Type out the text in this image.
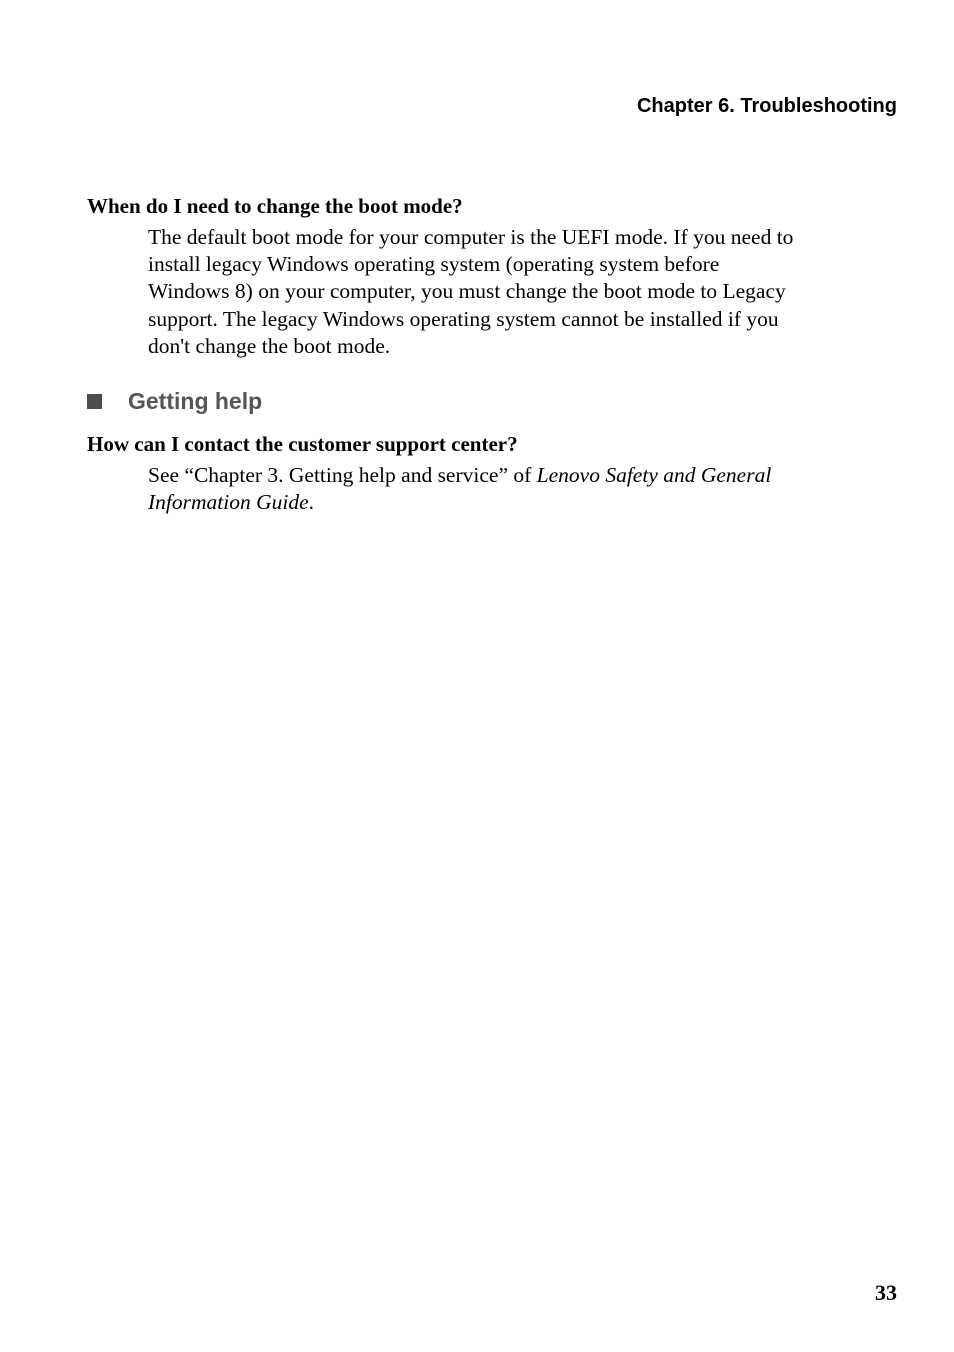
Chapter 6. Troubleshooting
When do I need to change the boot mode?
The default boot mode for your computer is the UEFI mode. If you need to
install legacy Windows operating system (operating system before
Windows 8) on your computer, you must change the boot mode to Legacy
support. The legacy Windows operating system cannot be installed if you
don't change the boot mode.
Getting help
How can I contact the customer support center?
See “Chapter 3. Getting help and service” of Lenovo Safety and General
Information Guide.
33
